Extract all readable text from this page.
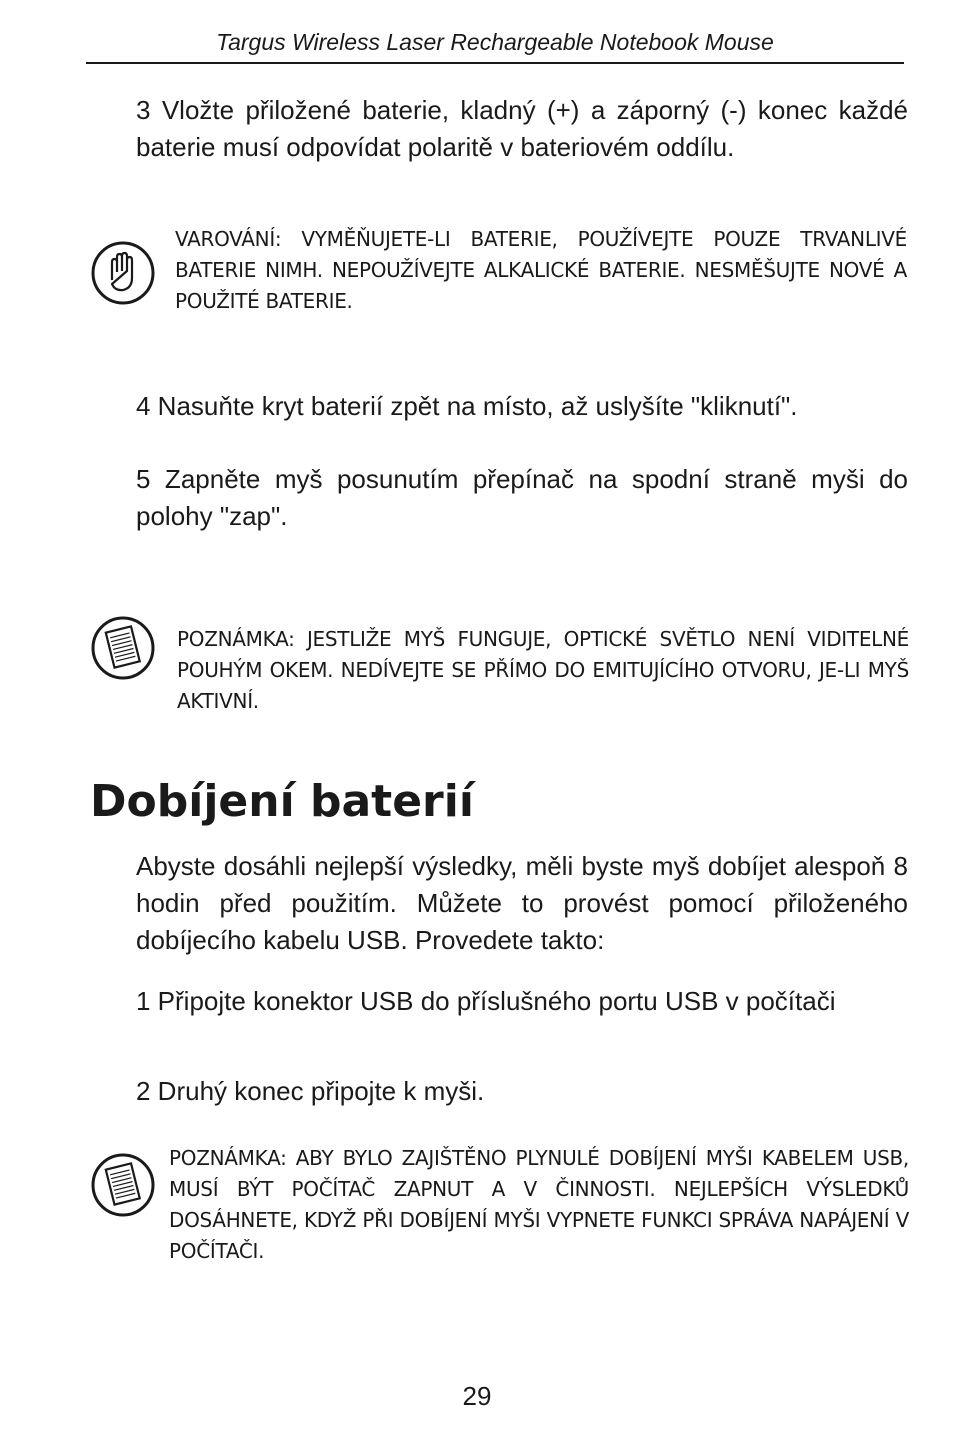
Targus Wireless Laser Rechargeable Notebook Mouse

3 Vložte přiložené baterie, kladný (+) a záporný (-) konec každé baterie musí odpovídat polaritě v bateriovém oddílu.

VAROVÁNÍ: VYMĚŇUJETE-LI BATERIE, POUŽÍVEJTE POUZE TRVANLIVÉ BATERIE NIMH. NEPOUŽÍVEJTE ALKALICKÉ BATERIE. NESMĚŠUJTE NOVÉ A POUŽITÉ BATERIE.

4 Nasuňte kryt baterií zpět na místo, až uslyšíte "kliknutí".

5 Zapněte myš posunutím přepínač na spodní straně myši do polohy "zap".

POZNÁMKA: JESTLIŽE MYŠ FUNGUJE, OPTICKÉ SVĚTLO NENÍ VIDITELNÉ POUHÝM OKEM. NEDÍVEJTE SE PŘÍMO DO EMITUJÍCÍHO OTVORU, JE-LI MYŠ AKTIVNÍ.

Dobíjení baterií

Abyste dosáhli nejlepší výsledky, měli byste myš dobíjet alespoň 8 hodin před použitím. Můžete to provést pomocí přiloženého dobíjecího kabelu USB. Provedete takto:

1 Připojte konektor USB do příslušného portu USB v počítači

2 Druhý konec připojte k myši.

POZNÁMKA: ABY BYLO ZAJIŠTĚNO PLYNULÉ DOBÍJENÍ MYŠI KABELEM USB, MUSÍ BÝT POČÍTAČ ZAPNUT A V ČINNOSTI. NEJLEPŠÍCH VÝSLEDKŮ DOSÁHNETE, KDYŽ PŘI DOBÍJENÍ MYŠI VYPNETE FUNKCI SPRÁVA NAPÁJENÍ V POČÍTAČI.

29
